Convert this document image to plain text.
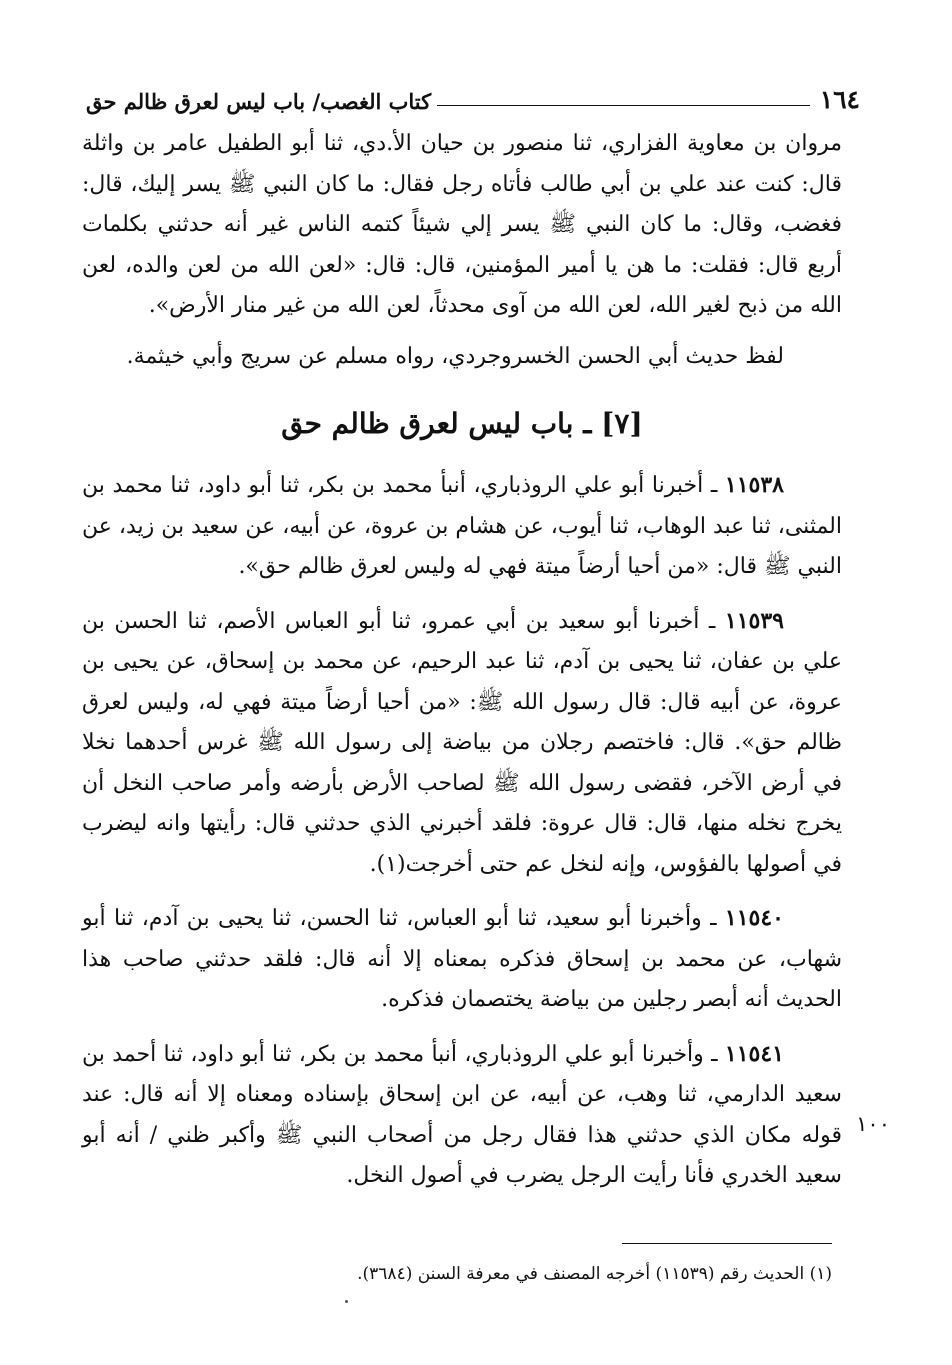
١٦٤
كتاب الغصب/ باب ليس لعرق ظالم حق

مروان بن معاوية الفزاري، ثنا منصور بن حيان الأ.دي، ثنا أبو الطفيل عامر بن واثلة قال: كنت عند علي بن أبي طالب فأتاه رجل فقال: ما كان النبي ﷺ يسر إليك، قال: فغضب، وقال: ما كان النبي ﷺ يسر إلي شيئاً كتمه الناس غير أنه حدثني بكلمات أربع قال: فقلت: ما هن يا أمير المؤمنين، قال: قال: «لعن الله من لعن والده، لعن الله من ذبح لغير الله، لعن الله من آوى محدثاً، لعن الله من غير منار الأرض».

لفظ حديث أبي الحسن الخسروجردي، رواه مسلم عن سريج وأبي خيثمة.

[٧] ـ باب ليس لعرق ظالم حق

١١٥٣٨ ـ أخبرنا أبو علي الروذباري، أنبأ محمد بن بكر، ثنا أبو داود، ثنا محمد بن المثنى، ثنا عبد الوهاب، ثنا أيوب، عن هشام بن عروة، عن أبيه، عن سعيد بن زيد، عن النبي ﷺ قال: «من أحيا أرضاً ميتة فهي له وليس لعرق ظالم حق».

١١٥٣٩ ـ أخبرنا أبو سعيد بن أبي عمرو، ثنا أبو العباس الأصم، ثنا الحسن بن علي بن عفان، ثنا يحيى بن آدم، ثنا عبد الرحيم، عن محمد بن إسحاق، عن يحيى بن عروة، عن أبيه قال: قال رسول الله ﷺ: «من أحيا أرضاً ميتة فهي له، وليس لعرق ظالم حق». قال: فاختصم رجلان من بياضة إلى رسول الله ﷺ غرس أحدهما نخلا في أرض الآخر، فقضى رسول الله ﷺ لصاحب الأرض بأرضه وأمر صاحب النخل أن يخرج نخله منها، قال: قال عروة: فلقد أخبرني الذي حدثني قال: رأيتها وانه ليضرب في أصولها بالفؤوس، وإنه لنخل عم حتى أخرجت(١).

١١٥٤٠ ـ وأخبرنا أبو سعيد، ثنا أبو العباس، ثنا الحسن، ثنا يحيى بن آدم، ثنا أبو شهاب، عن محمد بن إسحاق فذكره بمعناه إلا أنه قال: فلقد حدثني صاحب هذا الحديث أنه أبصر رجلين من بياضة يختصمان فذكره.

١١٥٤١ ـ وأخبرنا أبو علي الروذباري، أنبأ محمد بن بكر، ثنا أبو داود، ثنا أحمد بن سعيد الدارمي، ثنا وهب، عن أبيه، عن ابن إسحاق بإسناده ومعناه إلا أنه قال: عند قوله مكان الذي حدثني هذا فقال رجل من أصحاب النبي ﷺ وأكبر ظني / أنه أبو سعيد الخدري فأنا رأيت الرجل يضرب في أصول النخل.

١٠٠
(١) الحديث رقم (١١٥٣٩) أخرجه المصنف في معرفة السنن (٣٦٨٤).
